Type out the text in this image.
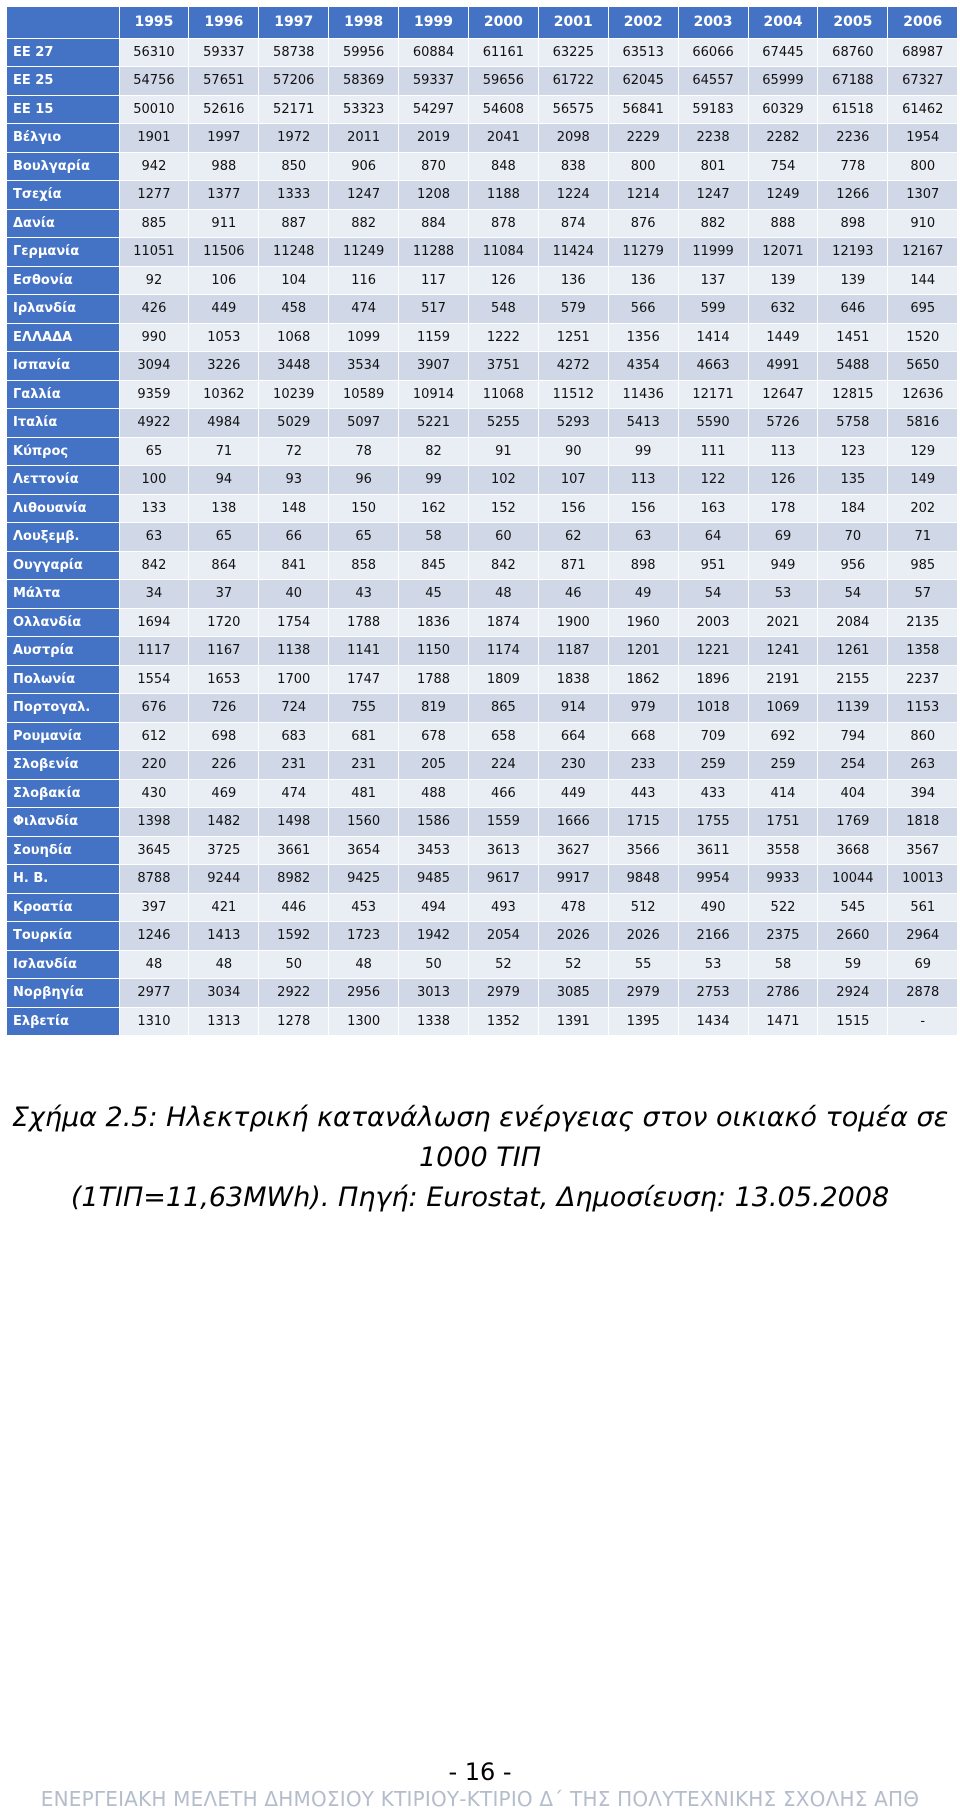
	1995	1996	1997	1998	1999	2000	2001	2002	2003	2004	2005	2006
ΕΕ 27	56310	59337	58738	59956	60884	61161	63225	63513	66066	67445	68760	68987
ΕΕ 25	54756	57651	57206	58369	59337	59656	61722	62045	64557	65999	67188	67327
ΕΕ 15	50010	52616	52171	53323	54297	54608	56575	56841	59183	60329	61518	61462
Βέλγιο	1901	1997	1972	2011	2019	2041	2098	2229	2238	2282	2236	1954
Βουλγαρία	942	988	850	906	870	848	838	800	801	754	778	800
Τσεχία	1277	1377	1333	1247	1208	1188	1224	1214	1247	1249	1266	1307
Δανία	885	911	887	882	884	878	874	876	882	888	898	910
Γερμανία	11051	11506	11248	11249	11288	11084	11424	11279	11999	12071	12193	12167
Εσθονία	92	106	104	116	117	126	136	136	137	139	139	144
Ιρλανδία	426	449	458	474	517	548	579	566	599	632	646	695
ΕΛΛΑΔΑ	990	1053	1068	1099	1159	1222	1251	1356	1414	1449	1451	1520
Ισπανία	3094	3226	3448	3534	3907	3751	4272	4354	4663	4991	5488	5650
Γαλλία	9359	10362	10239	10589	10914	11068	11512	11436	12171	12647	12815	12636
Ιταλία	4922	4984	5029	5097	5221	5255	5293	5413	5590	5726	5758	5816
Κύπρος	65	71	72	78	82	91	90	99	111	113	123	129
Λεττονία	100	94	93	96	99	102	107	113	122	126	135	149
Λιθουανία	133	138	148	150	162	152	156	156	163	178	184	202
Λουξεμβ.	63	65	66	65	58	60	62	63	64	69	70	71
Ουγγαρία	842	864	841	858	845	842	871	898	951	949	956	985
Μάλτα	34	37	40	43	45	48	46	49	54	53	54	57
Ολλανδία	1694	1720	1754	1788	1836	1874	1900	1960	2003	2021	2084	2135
Αυστρία	1117	1167	1138	1141	1150	1174	1187	1201	1221	1241	1261	1358
Πολωνία	1554	1653	1700	1747	1788	1809	1838	1862	1896	2191	2155	2237
Πορτογαλ.	676	726	724	755	819	865	914	979	1018	1069	1139	1153
Ρουμανία	612	698	683	681	678	658	664	668	709	692	794	860
Σλοβενία	220	226	231	231	205	224	230	233	259	259	254	263
Σλοβακία	430	469	474	481	488	466	449	443	433	414	404	394
Φιλανδία	1398	1482	1498	1560	1586	1559	1666	1715	1755	1751	1769	1818
Σουηδία	3645	3725	3661	3654	3453	3613	3627	3566	3611	3558	3668	3567
Η. Β.	8788	9244	8982	9425	9485	9617	9917	9848	9954	9933	10044	10013
Κροατία	397	421	446	453	494	493	478	512	490	522	545	561
Τουρκία	1246	1413	1592	1723	1942	2054	2026	2026	2166	2375	2660	2964
Ισλανδία	48	48	50	48	50	52	52	55	53	58	59	69
Νορβηγία	2977	3034	2922	2956	3013	2979	3085	2979	2753	2786	2924	2878
Ελβετία	1310	1313	1278	1300	1338	1352	1391	1395	1434	1471	1515	-

Σχήμα 2.5: Ηλεκτρική κατανάλωση ενέργειας στον οικιακό τομέα σε 1000 ΤΙΠ

(1ΤΙΠ=11,63MWh). Πηγή: Eurostat, Δημοσίευση: 13.05.2008

- 16 -
ΕΝΕΡΓΕΙΑΚΗ ΜΕΛΕΤΗ ΔΗΜΟΣΙΟΥ ΚΤΙΡΙΟΥ-ΚΤΙΡΙΟ Δ΄ ΤΗΣ ΠΟΛΥΤΕΧΝΙΚΗΣ ΣΧΟΛΗΣ ΑΠΘ
